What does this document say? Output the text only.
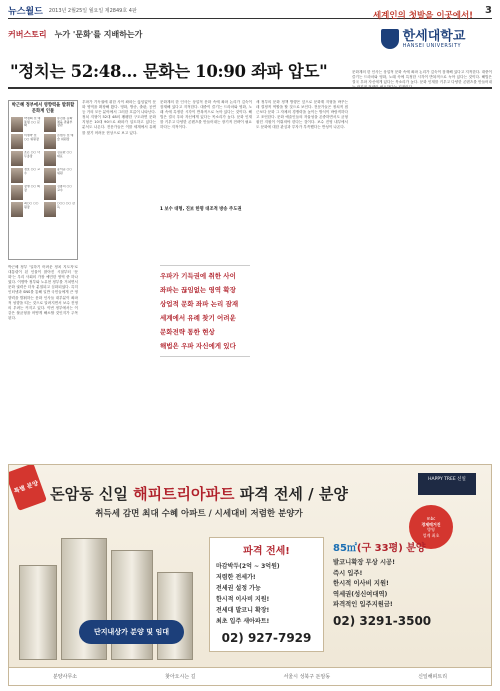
뉴스월드 2013년 2월25일 월요일 제2849호 4판	3
세계인의 첫발을 이곳에서!
한세대학교
HANSEI UNIVERSITY
커버스토리 누가 '문화'를 지배하는가
"정치는 52:48… 문화는 10:90 좌파 압도"
박근혜 정부에서 영향력을 발휘할 문화계 인물
박정희 전 대통령 ○○ 문화
류진룡 문화체육 관광부 장관
이명박 전 ○○ 위원장
손범수 전 예술 위원장
조은 ○○ 사무총장
김문환 ○○ 대표
정호 ○○ 교수
송석준 ○○ 위원
장명 ○○ 회장
김종덕 ○○ 교수
최○○ ○○ 원장
○○○ ○○ 감독
박근혜 정부 '일하기 어려운 정치 지도자'로 대통령이 된 인물이 많아진 시절부터 '문화'는 우리 사회의 가장 예민한 영역 중 하나였다. 이명박 정부와 노무현 정부를 거치면서 문화 권력은 더욱 분열되고 심화되었다. 특히 인터넷과 SNS를 통해 일반 국민들에게 큰 영향력을 발휘하는 문화 인사들 대부분이 좌파적 성향을 띠는 것으로 알려지면서 보수 진영의 우려는 커지고 있다. 이번 정부에서는 이 같은 불균형을 어떻게 해소할 것인지가 주목된다.
우파가 기득권에 취한 사이 좌파는 끊임없이 문화 영역을 확장해 왔다. 영화, 방송, 출판, 공연 등 거의 모든 분야에서 그러한 흐름이 나타난다. 정치 지형이 52대 48의 팽팽한 구도라면 문화 지형은 10대 90으로 좌파가 압도하고 있다는 분석도 나온다. 전문가들은 이를 세계에서 유례를 찾기 어려운 현상으로 보고 있다.
문화계의 한 인사는 상업적 문화 속에 좌파 논리가 깊숙이 잠재해 있다고 지적한다. 대중이 즐기는 드라마와 영화, 노래 속에 특정한 시각이 반복적으로 녹아 있다는 것이다. 해법은 결국 우파 자신에게 있다는 목소리가 높다. 문화 인재를 키우고 다양한 콘텐츠를 만들어내는 장기적 전략이 필요하다는 지적이다.
1 보수 대형, 진보 한명 대조적 방송 주도권
우파가 기득권에 취한 사이
좌파는 끊임없는 영역 확장
상업적 문화 좌파 논리 잠재
세계에서 유례 찾기 어려운
문화전략 통한 현상
해법은 우파 자신에게 있다
새 정부의 문화 정책 방향은 앞으로 문화계 지형을 바꾸는 데 결정적 역할을 할 것으로 보인다. 전문가들은 정치적 접근보다 문화 그 자체의 경쟁력을 높이는 방식이 바람직하다고 조언한다. 문화 예술인들의 자율성을 존중하면서도 균형 잡힌 지원이 이뤄져야 한다는 것이다. 보수 진영 내부에서도 문화에 대한 관심과 투자가 부족했다는 반성이 나온다.
문화계의 한 인사는 상업적 문화 속에 좌파 논리가 깊숙이 잠재해 있다고 지적한다. 대중이 즐기는 드라마와 영화, 노래 속에 특정한 시각이 반복적으로 녹아 있다는 것이다. 해법은 결국 우파 자신에게 있다는 목소리가 높다. 문화 인재를 키우고 다양한 콘텐츠를 만들어내는 장기적 전략이 필요하다는 지적이다.
특별 분양 돈암동 신일 해피트리아파트 파격 전세 / 분양
취득세 감면 최대 수혜 아파트 / 시세대비 저렴한 분양가
HAPPY TREE 신일
mbc
경제매거진
방영
업계 최초
단지내상가 분양 및 임대
파격 전세!
마감박두(2억 ~ 3억원)
저렴한 전세가!
전세권 설정 가능
한시적 이사비 지원!
전세대 발코니 확장!
최초 입주 새아파트!
02) 927-7929
85㎡(구 33평) 분양
발코니확장 무상 시공!
즉시 입주!
한시적 이사비 지원!
역세권(성신여대역)
파격적인 입주지원금!
02) 3291-3500
분양사무소	찾아오시는 길	서울시 성북구 돈암동	신일해피트리
